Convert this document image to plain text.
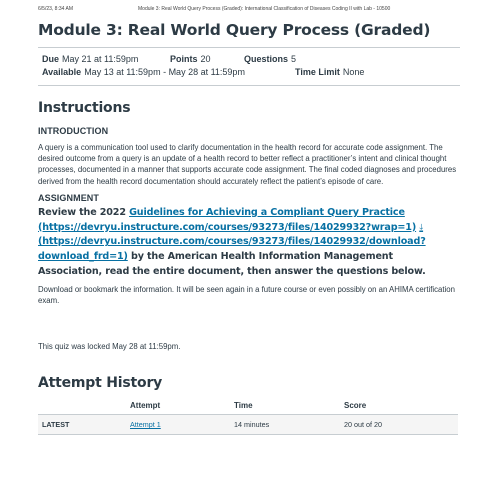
6/5/23, 8:34 AM	Module 3: Real World Query Process (Graded): International Classification of Diseases Coding II with Lab - 10500
Module 3: Real World Query Process (Graded)
Due May 21 at 11:59pm	Points 20	Questions 5
Available May 13 at 11:59pm - May 28 at 11:59pm	Time Limit None
Instructions
INTRODUCTION

A query is a communication tool used to clarify documentation in the health record for accurate code assignment. The desired outcome from a query is an update of a health record to better reflect a practitioner’s intent and clinical thought processes, documented in a manner that supports accurate code assignment. The final coded diagnoses and procedures derived from the health record documentation should accurately reflect the patient’s episode of care.

ASSIGNMENT
Review the 2022 Guidelines for Achieving a Compliant Query Practice (https://devryu.instructure.com/courses/93273/files/14029932?wrap=1) ⤓ (https://devryu.instructure.com/courses/93273/files/14029932/download?download_frd=1) by the American Health Information Management Association, read the entire document, then answer the questions below.

Download or bookmark the information. It will be seen again in a future course or even possibly on an AHIMA certification exam.

This quiz was locked May 28 at 11:59pm.
Attempt History
	Attempt	Time	Score
LATEST	Attempt 1	14 minutes	20 out of 20
